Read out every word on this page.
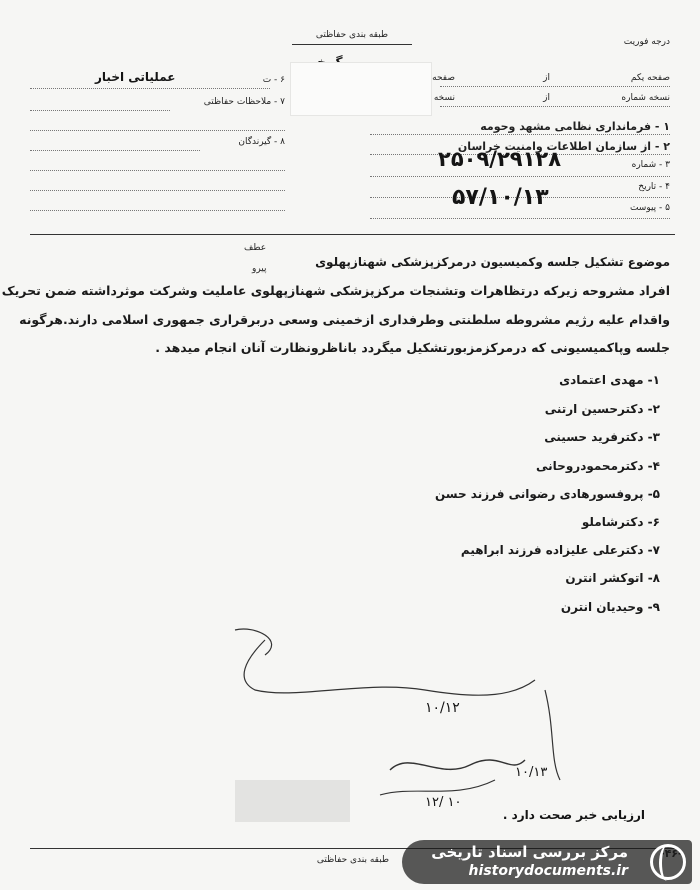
طبقه بندی حفاظتی
درجه فوریت
صفحه یکم
نسخه شماره
از
از
صفحه
نسخه
۱ - فرمانداری نظامی مشهد وحومه
۲ - از سازمان اطلاعات وامنیت خراسان
۳ - شماره
۴ - تاریخ
۵ - پیوست
۲۵۰۹/۲۹۱۲۸
۵۷/۱۰/۱۳
۶ - ت
عملیاتی اخبار
۷ - ملاحظات حفاظتی
۸ - گیرندگان
عطف
پیرو	موضوع تشکیل جلسه وکمیسیون درمرکزپزشکی شهنازپهلوی
افراد مشروحه زیرکه درتظاهرات وتشنجات مرکزپزشکی شهنازپهلوی عاملیت وشرکت موثرداشته ضمن تحریک
واقدام علیه رژیم مشروطه سلطنتی وطرفداری ازخمینی وسعی دربرقراری جمهوری اسلامی دارند.هرگونه
جلسه وپاکمیسیونی که درمرکزمزبورتشکیل میگردد باناظرونظارت آنان انجام میدهد .
۱- مهدی اعتمادی
۲- دکترحسین ارتنی
۳- دکترفرید حسینی
۴- دکترمحمودروحانی
۵- پروفسورهادی رضوانی فرزند حسن
۶- دکترشاملو
۷- دکترعلی علیزاده فرزند ابراهیم
۸- اتوکشر انترن
۹- وحیدیان انترن
۱۰/۱۲
۱۰/۱۳
۱۲/ ۱۰
ارزیابی خبر صحت دارد .
طبقه بندی حفاظتی	مرکز بررسی اسناد تاریخی
historydocuments.ir
